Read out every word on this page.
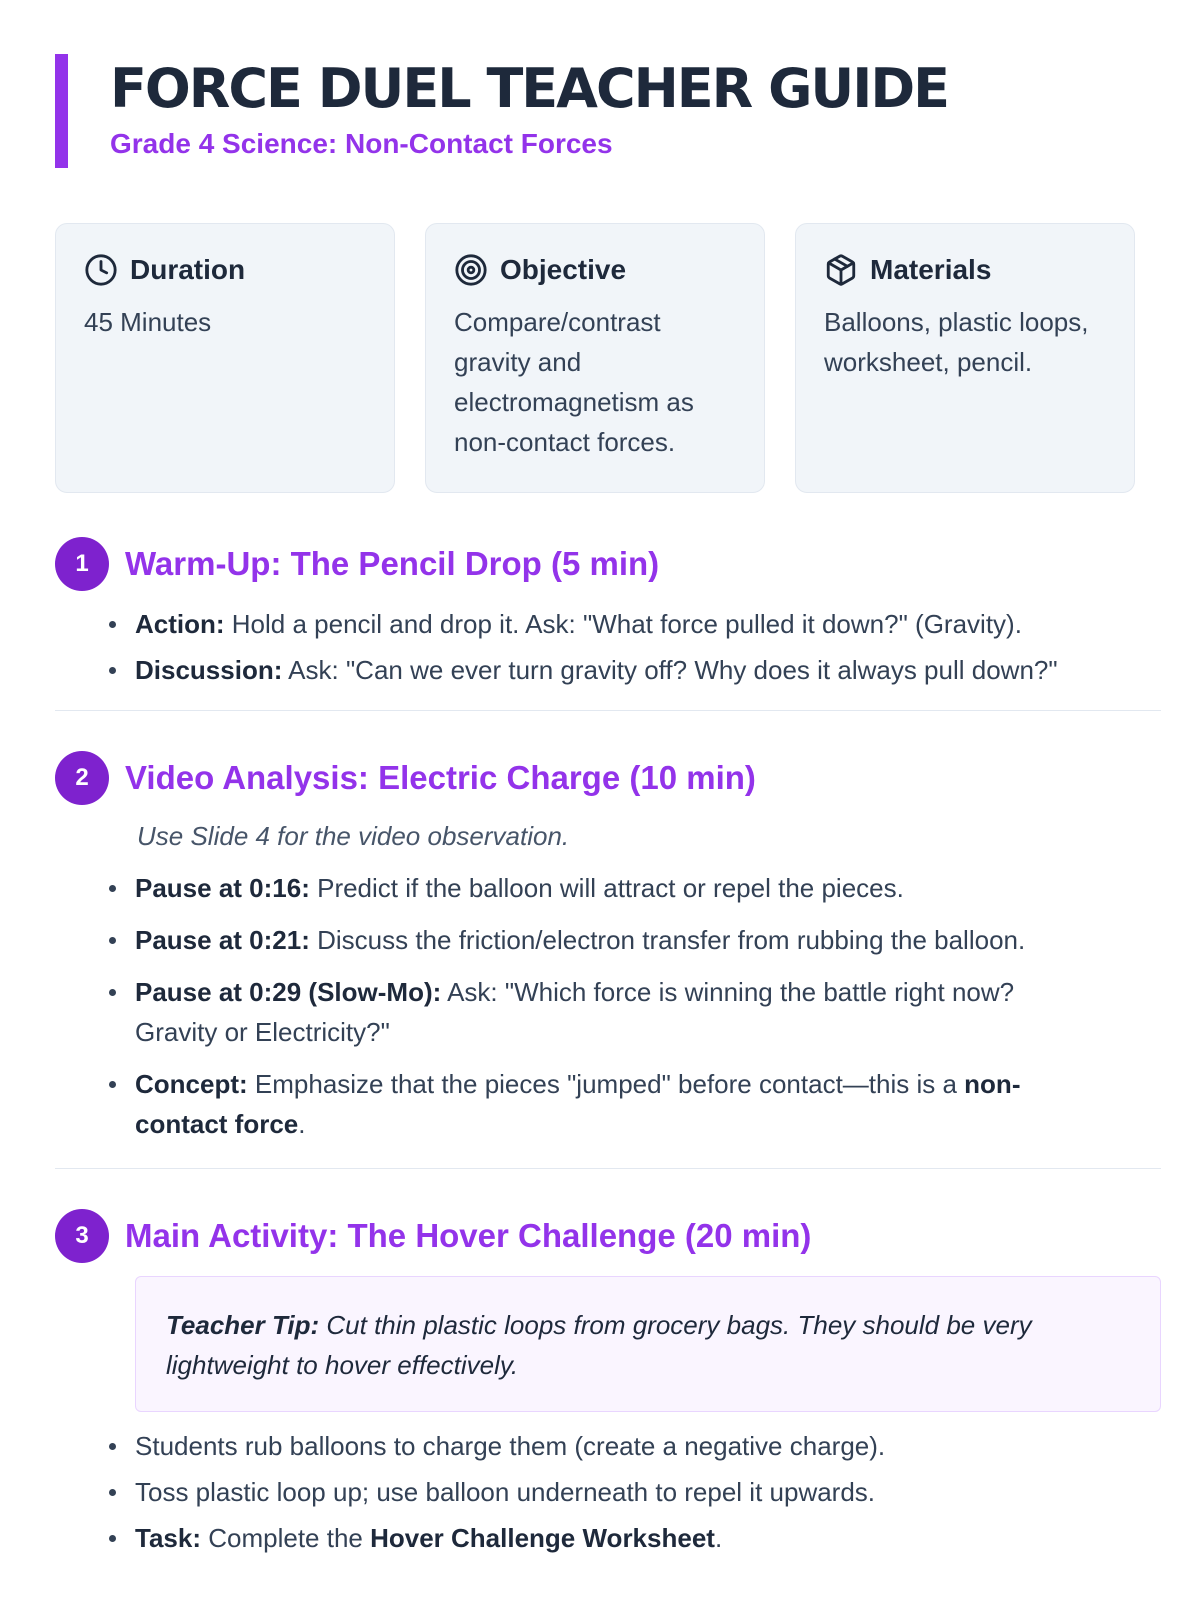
FORCE DUEL TEACHER GUIDE
Grade 4 Science: Non-Contact Forces
Duration
45 Minutes
Objective
Compare/contrast gravity and electromagnetism as non-contact forces.
Materials
Balloons, plastic loops, worksheet, pencil.
1	Warm-Up: The Pencil Drop (5 min)
Action: Hold a pencil and drop it. Ask: "What force pulled it down?" (Gravity).
Discussion: Ask: "Can we ever turn gravity off? Why does it always pull down?"
2	Video Analysis: Electric Charge (10 min)
Use Slide 4 for the video observation.
Pause at 0:16: Predict if the balloon will attract or repel the pieces.
Pause at 0:21: Discuss the friction/electron transfer from rubbing the balloon.
Pause at 0:29 (Slow-Mo): Ask: "Which force is winning the battle right now? Gravity or Electricity?"
Concept: Emphasize that the pieces "jumped" before contact—this is a non-contact force.
3	Main Activity: The Hover Challenge (20 min)
Teacher Tip: Cut thin plastic loops from grocery bags. They should be very lightweight to hover effectively.
Students rub balloons to charge them (create a negative charge).
Toss plastic loop up; use balloon underneath to repel it upwards.
Task: Complete the Hover Challenge Worksheet.
